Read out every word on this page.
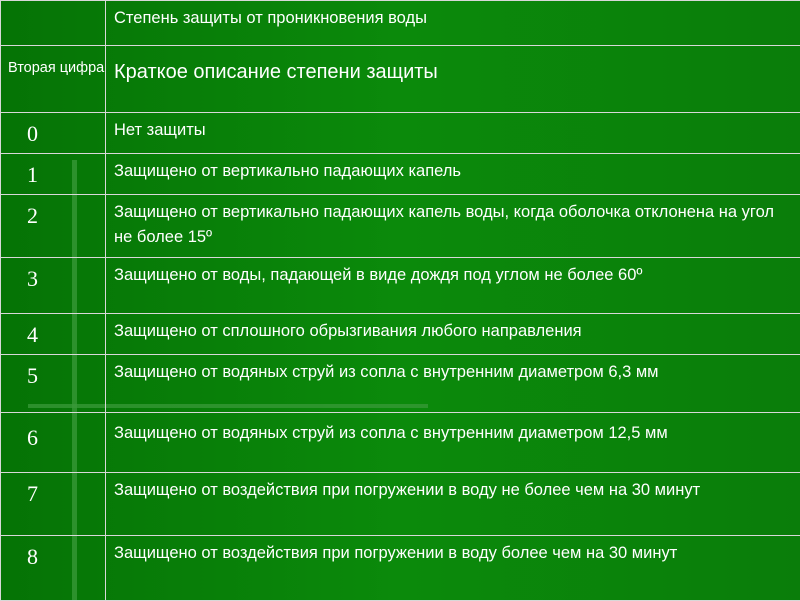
	Степень защиты от проникновения воды
Вторая цифра	Краткое описание степени защиты
0	Нет защиты
1	Защищено от вертикально падающих капель
2	Защищено от вертикально падающих капель воды, когда оболочка отклонена на угол не более 15º
3	Защищено от воды, падающей в виде дождя под углом не более 60º
4	Защищено от сплошного обрызгивания любого направления
5	Защищено от водяных струй из сопла с внутренним диаметром 6,3 мм
6	Защищено от водяных струй из сопла с внутренним диаметром 12,5 мм
7	Защищено от воздействия при погружении в воду не более чем на 30 минут
8	Защищено от воздействия при погружении в воду более чем на 30 минут
